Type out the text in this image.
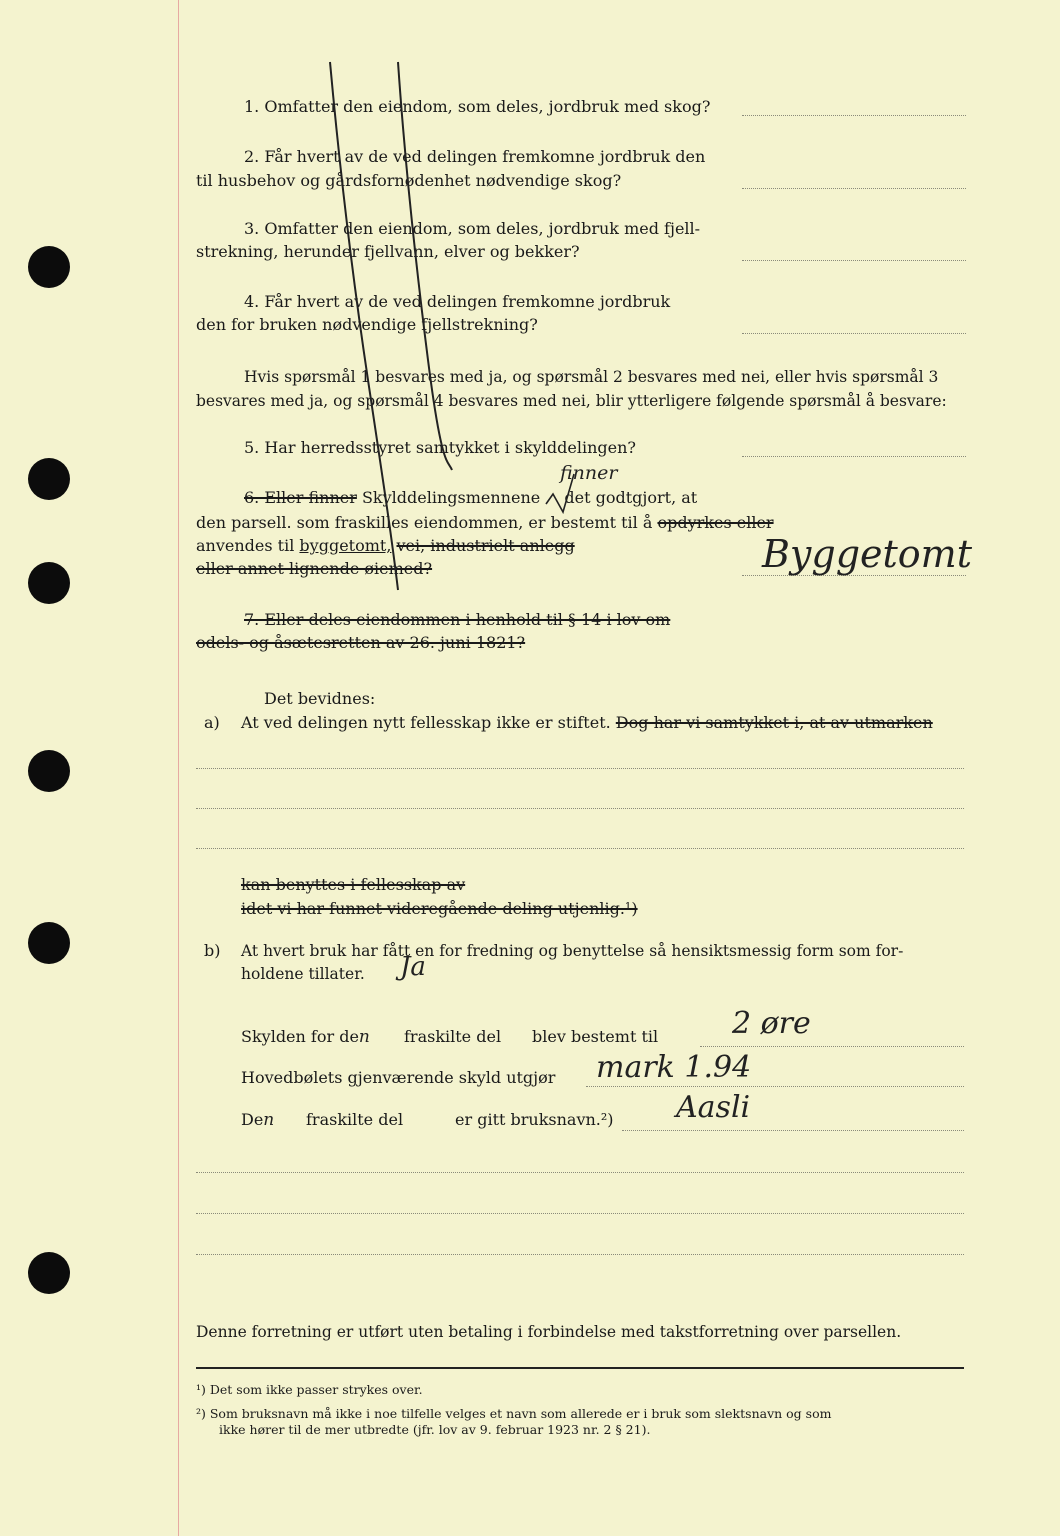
1. Omfatter den eiendom, som deles, jordbruk med skog?
2. Får hvert av de ved delingen fremkomne jordbruk den
til husbehov og gårdsfornødenhet nødvendige skog?
3. Omfatter den eiendom, som deles, jordbruk med fjell-
strekning, herunder fjellvann, elver og bekker?
4. Får hvert av de ved delingen fremkomne jordbruk
den for bruken nødvendige fjellstrekning?
Hvis spørsmål 1 besvares med ja, og spørsmål 2 besvares med nei, eller hvis spørsmål 3
besvares med ja, og spørsmål 4 besvares med nei, blir ytterligere følgende spørsmål å besvare:
5. Har herredsstyret samtykket i skylddelingen?
6. Eller finner Skylddelingsmennene det godtgjort, at
finner
den parsell. som fraskilles eiendommen, er bestemt til å opdyrkes eller
anvendes til byggetomt, vei, industrielt anlegg
eller annet lignende øiemed?	Byggetomt
7. Eller deles eiendommen i henhold til § 14 i lov om
odels- og åsætesretten av 26. juni 1821?
Det bevidnes:
a) At ved delingen nytt fellesskap ikke er stiftet. Dog har vi samtykket i, at av utmarken
kan benyttes i fellesskap av
idet vi har funnet videregående deling utjenlig.¹)
b) At hvert bruk har fått en for fredning og benyttelse så hensiktsmessig form som for-
holdene tillater. Ja
Skylden for den fraskilte del blev bestemt til 2 øre
Hovedbølets gjenværende skyld utgjør mark 1.94
Den fraskilte del	er gitt bruksnavn.²) Aasli
Denne forretning er utført uten betaling i forbindelse med takstforretning over parsellen.
¹) Det som ikke passer strykes over.
²) Som bruksnavn må ikke i noe tilfelle velges et navn som allerede er i bruk som slektsnavn og som
ikke hører til de mer utbredte (jfr. lov av 9. februar 1923 nr. 2 § 21).
